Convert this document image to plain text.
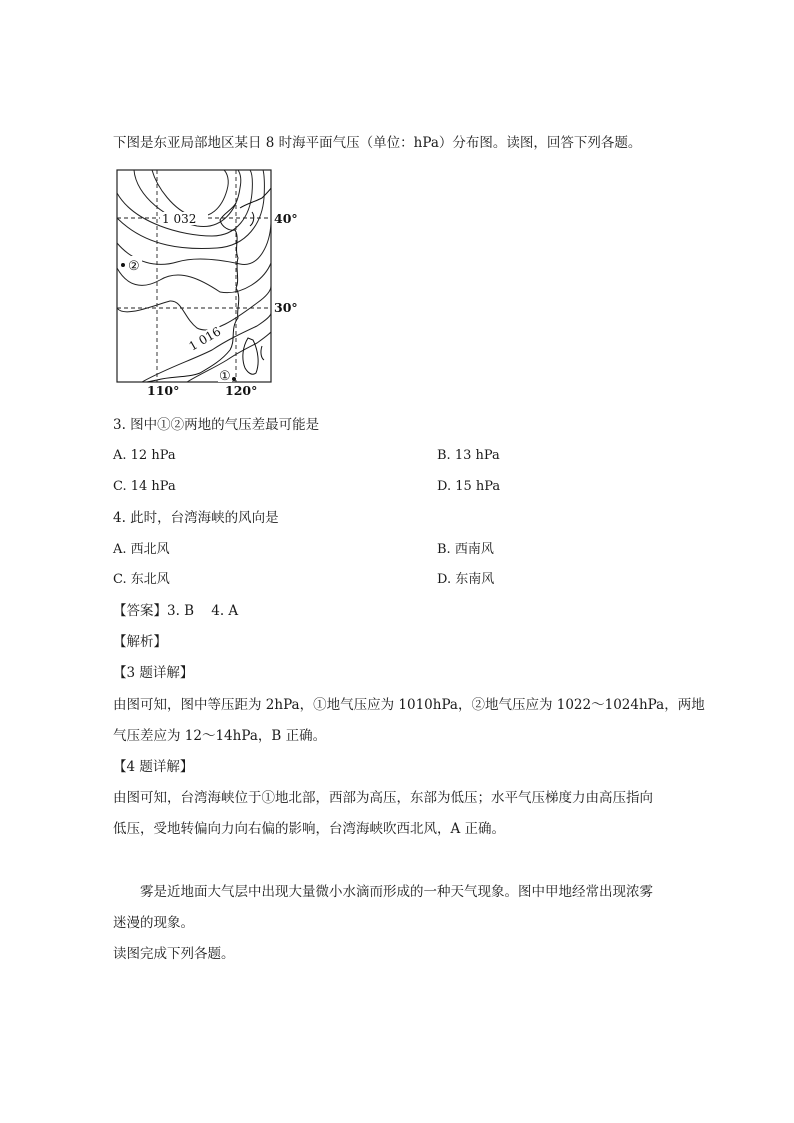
下图是东亚局部地区某日 8 时海平面气压（单位：hPa）分布图。读图，回答下列各题。
1 032
1 016
②
①
40°
30°
110°	120°
3. 图中①②两地的气压差最可能是
A. 12 hPa	B. 13 hPa
C. 14 hPa	D. 15 hPa
4. 此时，台湾海峡的风向是
A. 西北风	B. 西南风
C. 东北风	D. 东南风
【答案】3. B    4. A
【解析】
【3 题详解】
由图可知，图中等压距为 2hPa，①地气压应为 1010hPa，②地气压应为 1022～1024hPa，两地
气压差应为 12～14hPa，B 正确。
【4 题详解】
由图可知，台湾海峡位于①地北部，西部为高压，东部为低压；水平气压梯度力由高压指向
低压，受地转偏向力向右偏的影响，台湾海峡吹西北风，A 正确。
雾是近地面大气层中出现大量微小水滴而形成的一种天气现象。图中甲地经常出现浓雾
迷漫的现象。
读图完成下列各题。
